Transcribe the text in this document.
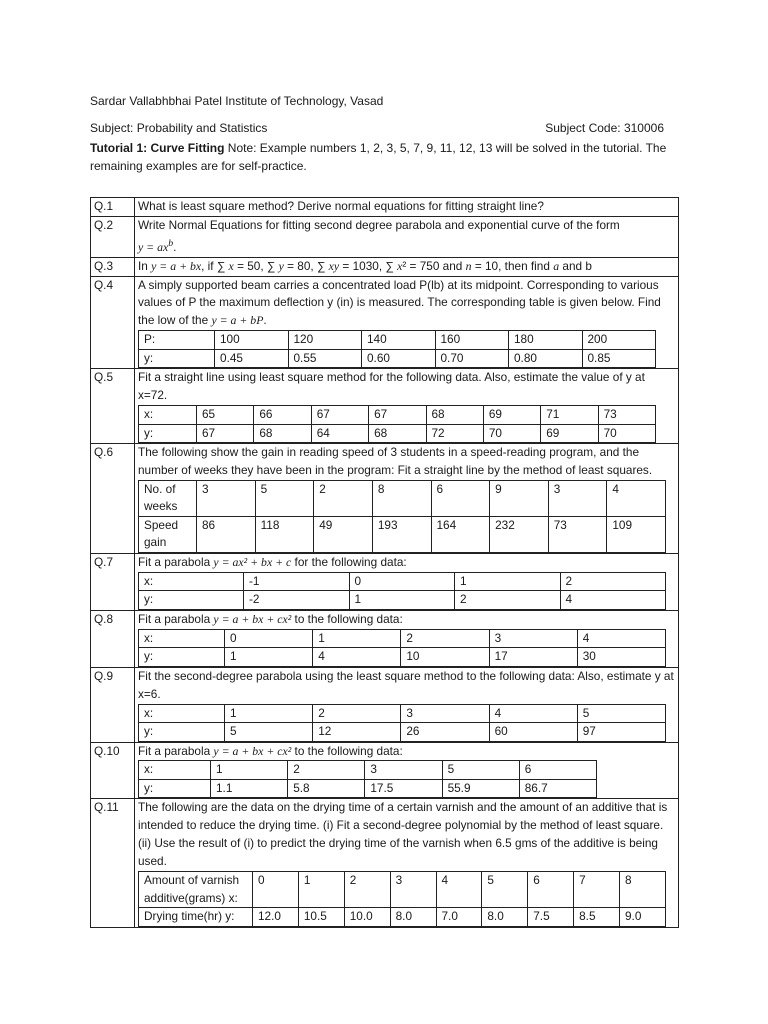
Sardar Vallabhbhai Patel Institute of Technology, Vasad
Subject: Probability and Statistics	Subject Code: 310006
Tutorial 1: Curve Fitting Note: Example numbers 1, 2, 3, 5, 7, 9, 11, 12, 13 will be solved in the tutorial. The remaining examples are for self-practice.
Q.1	What is least square method? Derive normal equations for fitting straight line?
Q.2	Write Normal Equations for fitting second degree parabola and exponential curve of the form
$y = ax^b$.
Q.3	In y = a + bx, if ∑ x = 50, ∑ y = 80, ∑ xy = 1030, ∑ x² = 750 and n = 10, then find a and b
Q.4	A simply supported beam carries a concentrated load P(lb) at its midpoint. Corresponding to various values of P the maximum deflection y (in) is measured. The corresponding table is given below. Find the low of the y = a + bP.
P:	100	120	140	160	180	200
y:	0.45	0.55	0.60	0.70	0.80	0.85

Q.5	Fit a straight line using least square method for the following data. Also, estimate the value of y at x=72.
x:	65	66	67	67	68	69	71	73
y:	67	68	64	68	72	70	69	70

Q.6	The following show the gain in reading speed of 3 students in a speed-reading program, and the number of weeks they have been in the program: Fit a straight line by the method of least squares.
No. of weeks	3	5	2	8	6	9	3	4
Speed gain	86	118	49	193	164	232	73	109

Q.7	Fit a parabola y = ax² + bx + c for the following data:
x:	-1	0	1	2
y:	-2	1	2	4

Q.8	Fit a parabola y = a + bx + cx² to the following data:
x:	0	1	2	3	4
y:	1	4	10	17	30

Q.9	Fit the second-degree parabola using the least square method to the following data: Also, estimate y at x=6.
x:	1	2	3	4	5
y:	5	12	26	60	97

Q.10	Fit a parabola y = a + bx + cx² to the following data:
x:	1	2	3	5	6
y:	1.1	5.8	17.5	55.9	86.7

Q.11	The following are the data on the drying time of a certain varnish and the amount of an additive that is intended to reduce the drying time. (i) Fit a second-degree polynomial by the method of least square. (ii) Use the result of (i) to predict the drying time of the varnish when 6.5 gms of the additive is being used.
Amount of varnish additive(grams) x:	0	1	2	3	4	5	6	7	8
Drying time(hr) y:	12.0	10.5	10.0	8.0	7.0	8.0	7.5	8.5	9.0
